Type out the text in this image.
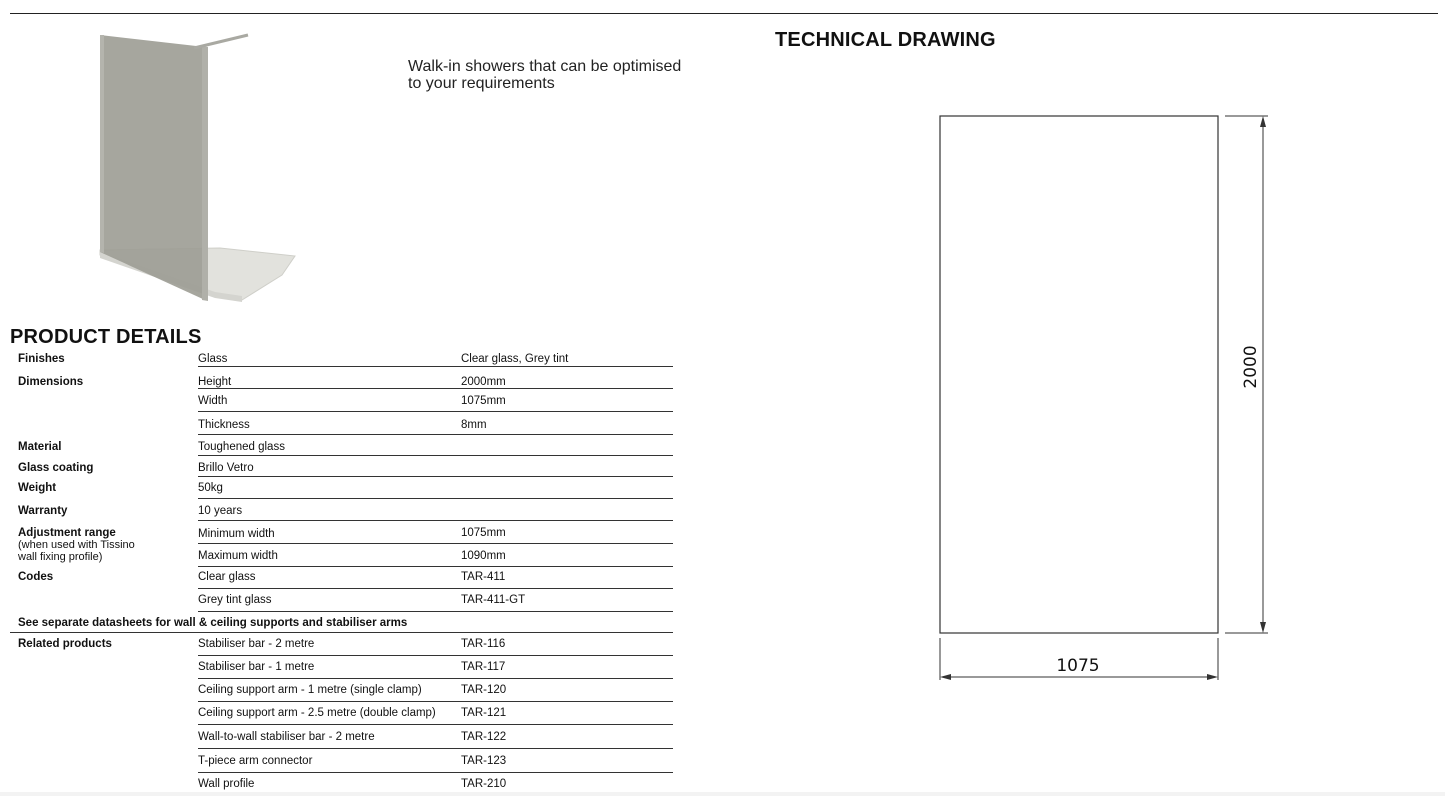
Walk-in showers that can be optimised to your requirements
TECHNICAL DRAWING
2000
1075
PRODUCT DETAILS
Finishes	Glass	Clear glass, Grey tint
Dimensions	Height	2000mm
Width	1075mm
Thickness	8mm
Material	Toughened glass
Glass coating	Brillo Vetro
Weight	50kg
Warranty	10 years
Adjustment range
(when used with Tissino wall fixing profile)
Minimum width	1075mm
Maximum width	1090mm
Codes	Clear glass	TAR-411
Grey tint glass	TAR-411-GT
See separate datasheets for wall & ceiling supports and stabiliser arms
Related products	Stabiliser bar - 2 metre	TAR-116
Stabiliser bar - 1 metre	TAR-117
Ceiling support arm - 1 metre (single clamp)	TAR-120
Ceiling support arm - 2.5 metre (double clamp) TAR-121
Wall-to-wall stabiliser bar - 2 metre	TAR-122
T-piece arm connector	TAR-123
Wall profile	TAR-210
